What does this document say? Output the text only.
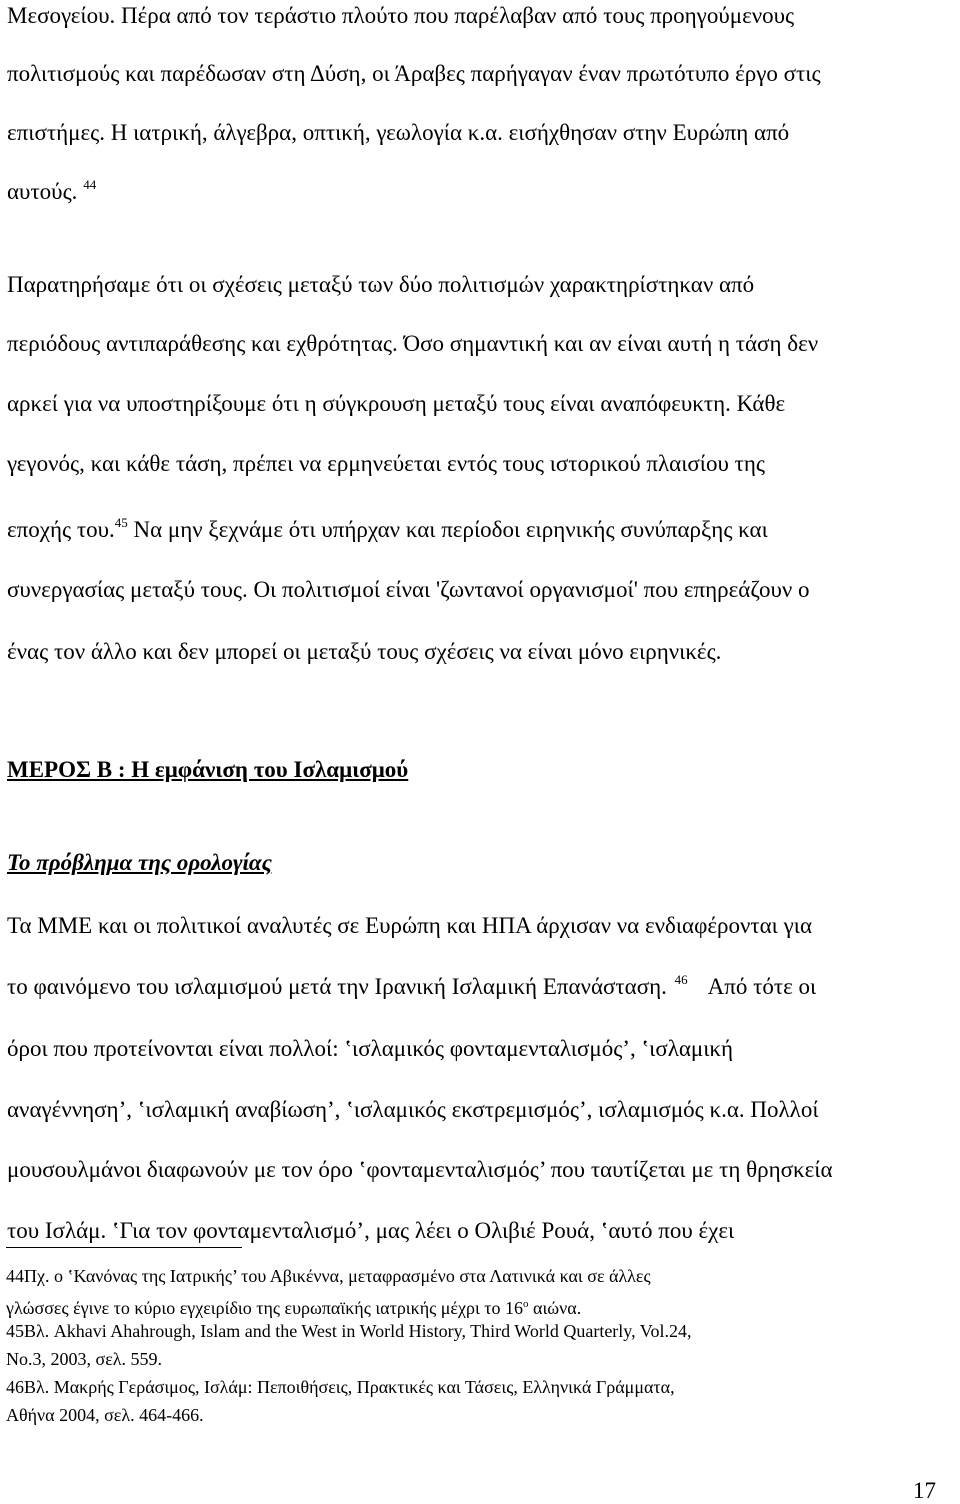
Μεσογείου. Πέρα από τον τεράστιο πλούτο που παρέλαβαν από τους προηγούμενους
πολιτισμούς και παρέδωσαν στη Δύση, οι Άραβες παρήγαγαν έναν πρωτότυπο έργο στις
επιστήμες. Η ιατρική, άλγεβρα, οπτική, γεωλογία κ.α. εισήχθησαν στην Ευρώπη από
αυτούς. $^{44}$
Παρατηρήσαμε ότι οι σχέσεις μεταξύ των δύο πολιτισμών χαρακτηρίστηκαν από
περιόδους αντιπαράθεσης και εχθρότητας. Όσο σημαντική και αν είναι αυτή η τάση δεν
αρκεί για να υποστηρίξουμε ότι η σύγκρουση μεταξύ τους είναι αναπόφευκτη. Κάθε
γεγονός, και κάθε τάση, πρέπει να ερμηνεύεται εντός τους ιστορικού πλαισίου της
εποχής του.$^{45}$ Να μην ξεχνάμε ότι υπήρχαν και περίοδοι ειρηνικής συνύπαρξης και
συνεργασίας μεταξύ τους. Οι πολιτισμοί είναι 'ζωντανοί οργανισμοί' που επηρεάζουν ο
ένας τον άλλο και δεν μπορεί οι μεταξύ τους σχέσεις να είναι μόνο ειρηνικές.
ΜΕΡΟΣ Β : Η εμφάνιση του Ισλαμισμού
Το πρόβλημα της ορολογίας
Τα ΜΜΕ και οι πολιτικοί αναλυτές σε Ευρώπη και ΗΠΑ άρχισαν να ενδιαφέρονται για
το φαινόμενο του ισλαμισμού μετά την Ιρανική Ισλαμική Επανάσταση. $^{46}$ Από τότε οι
όροι που προτείνονται είναι πολλοί: ‛ισλαμικός φονταμενταλισμός’, ‛ισλαμική
αναγέννηση’, ‛ισλαμική αναβίωση’, ‛ισλαμικός εκστρεμισμός’, ισλαμισμός κ.α. Πολλοί
μουσουλμάνοι διαφωνούν με τον όρο ‛φονταμενταλισμός’ που ταυτίζεται με τη θρησκεία
του Ισλάμ. ‛Για τον φονταμενταλισμό’, μας λέει ο Ολιβιέ Ρουά, ‛αυτό που έχει
44Πχ. ο ‛Κανόνας της Ιατρικής’ του Αβικέννα, μεταφρασμένο στα Λατινικά και σε άλλες
γλώσσες έγινε το κύριο εγχειρίδιο της ευρωπαϊκής ιατρικής μέχρι το $16^o$ αιώνα.
45Βλ. Akhavi Ahahrough, Islam and the West in World History, Third World Quarterly, Vol.24,
No.3, 2003, σελ. 559.
46Βλ. Μακρής Γεράσιμος, Ισλάμ: Πεποιθήσεις, Πρακτικές και Τάσεις, Ελληνικά Γράμματα,
Αθήνα 2004, σελ. 464-466.
17
